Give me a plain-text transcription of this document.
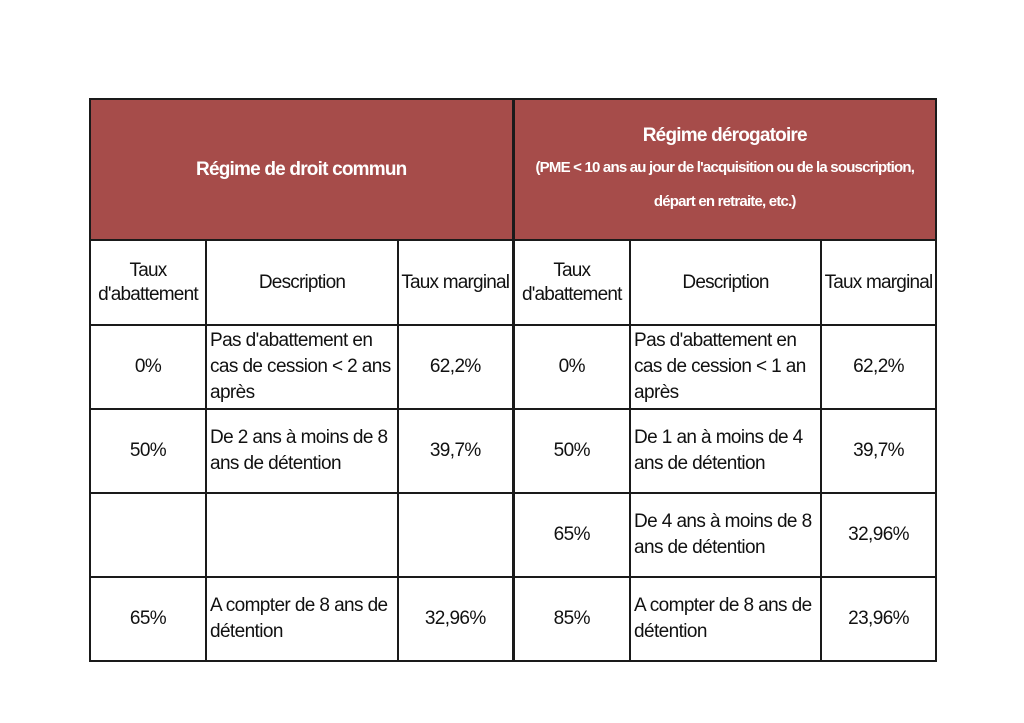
Régime de droit commun			Régime dérogatoire
(PME < 10 ans au jour de l'acquisition ou de la souscription, départ en retraite, etc.)		

Taux d'abattement	Description	Taux marginal	Taux d'abattement	Description	Taux marginal
0%	Pas d'abattement en cas de cession < 2 ans après	62,2%	0%	Pas d'abattement en cas de cession < 1 an après	62,2%
50%	De 2 ans à moins de 8 ans de détention	39,7%	50%	De 1 an à moins de 4 ans de détention	39,7%
			65%	De 4 ans à moins de 8 ans de détention	32,96%
65%	A compter de 8 ans de détention	32,96%	85%	A compter de 8 ans de détention	23,96%
